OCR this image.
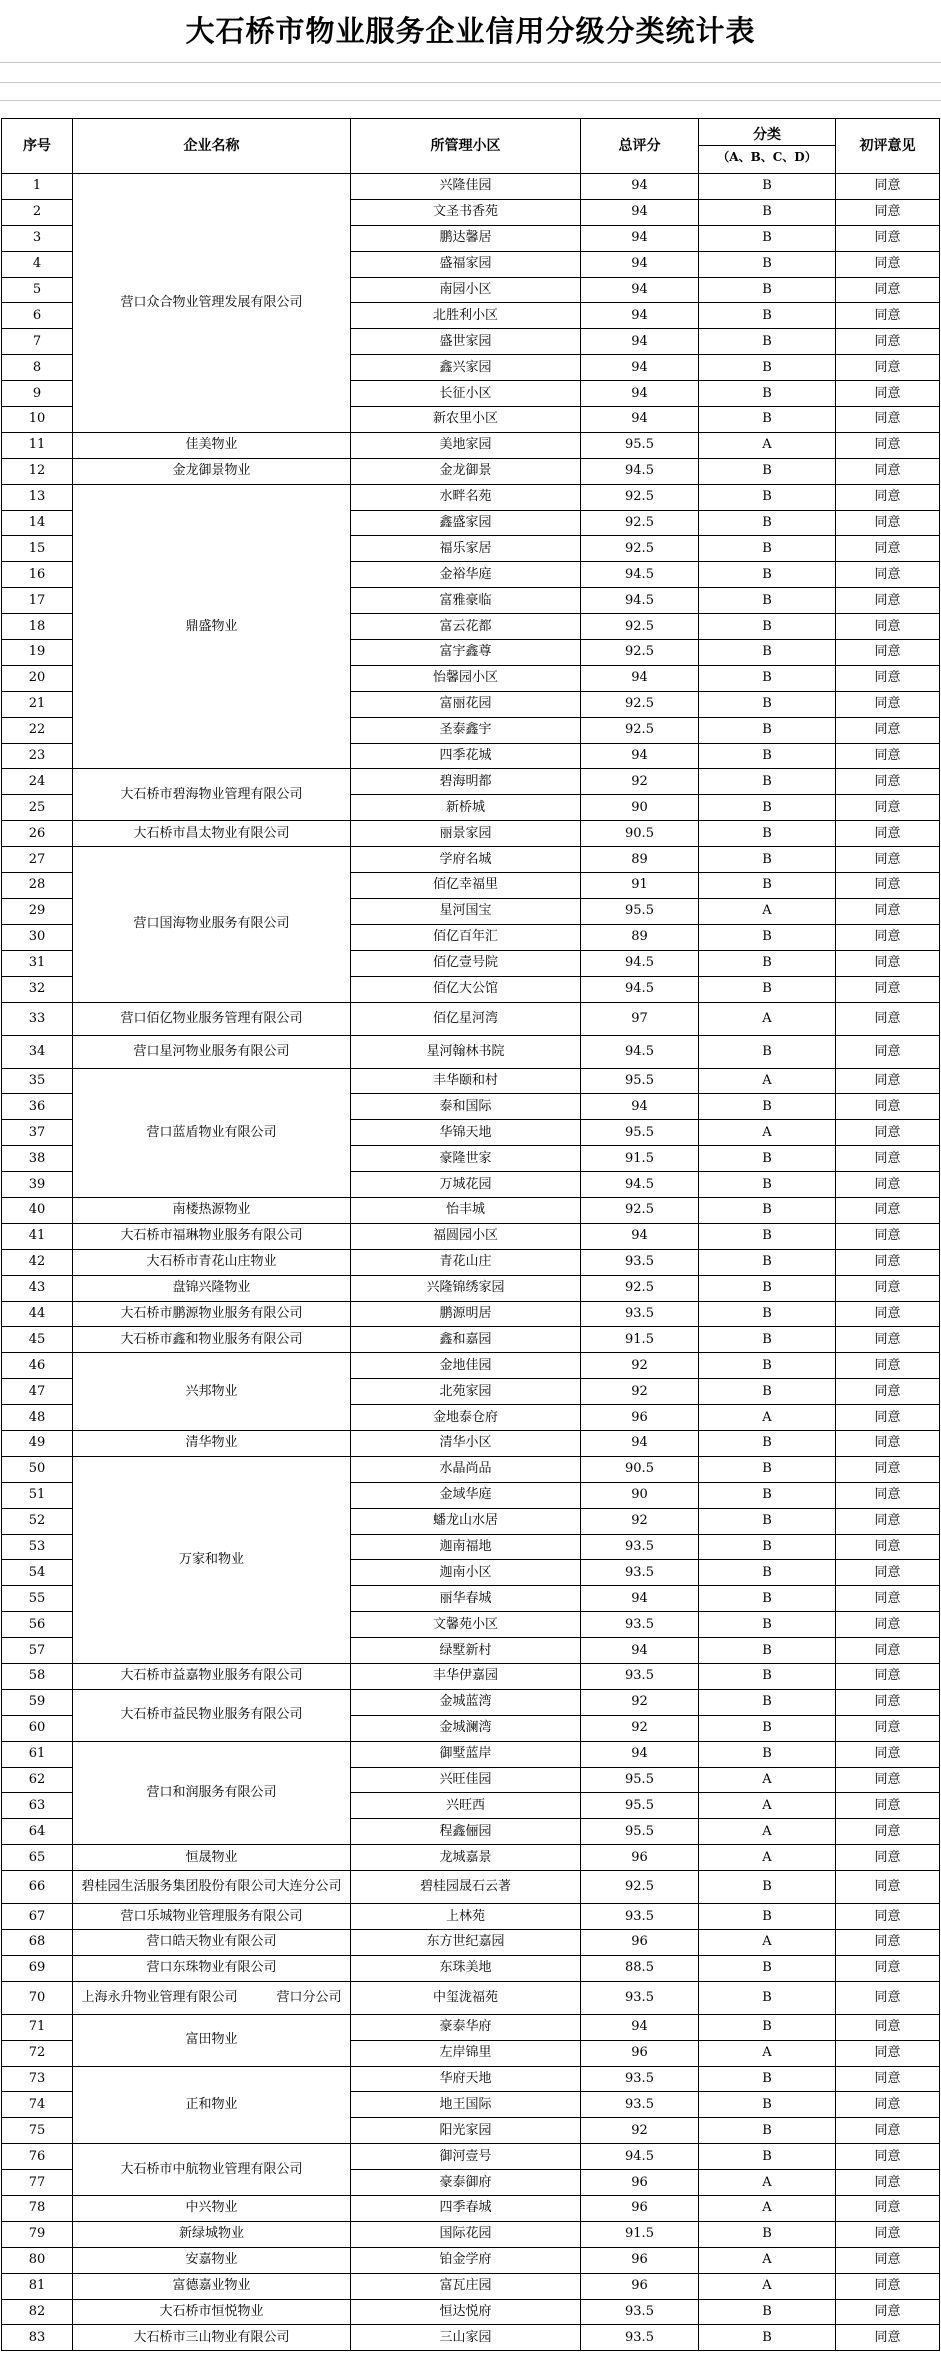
大石桥市物业服务企业信用分级分类统计表
序号	企业名称	所管理小区	总评分	分类
（A、B、C、D）	初评意见
1	营口众合物业管理发展有限公司	兴隆佳园	94	B	同意
2		文圣书香苑	94	B	同意
3		鹏达馨居	94	B	同意
4		盛福家园	94	B	同意
5		南园小区	94	B	同意
6		北胜利小区	94	B	同意
7		盛世家园	94	B	同意
8		鑫兴家园	94	B	同意
9		长征小区	94	B	同意
10		新农里小区	94	B	同意
11	佳美物业	美地家园	95.5	A	同意
12	金龙御景物业	金龙御景	94.5	B	同意
13	鼎盛物业	水畔名苑	92.5	B	同意
14		鑫盛家园	92.5	B	同意
15		福乐家居	92.5	B	同意
16		金裕华庭	94.5	B	同意
17		富雅豪临	94.5	B	同意
18		富云花都	92.5	B	同意
19		富宇鑫尊	92.5	B	同意
20		怡馨园小区	94	B	同意
21		富丽花园	92.5	B	同意
22		圣泰鑫宇	92.5	B	同意
23		四季花城	94	B	同意
24	大石桥市碧海物业管理有限公司	碧海明都	92	B	同意
25		新桥城	90	B	同意
26	大石桥市昌太物业有限公司	丽景家园	90.5	B	同意
27	营口国海物业服务有限公司	学府名城	89	B	同意
28		佰亿幸福里	91	B	同意
29		星河国宝	95.5	A	同意
30		佰亿百年汇	89	B	同意
31		佰亿壹号院	94.5	B	同意
32		佰亿大公馆	94.5	B	同意
33	营口佰亿物业服务管理有限公司	佰亿星河湾	97	A	同意
34	营口星河物业服务有限公司	星河翰林书院	94.5	B	同意
35	营口蓝盾物业有限公司	丰华颐和村	95.5	A	同意
36		泰和国际	94	B	同意
37		华锦天地	95.5	A	同意
38		豪隆世家	91.5	B	同意
39		万城花园	94.5	B	同意
40	南楼热源物业	怡丰城	92.5	B	同意
41	大石桥市福琳物业服务有限公司	福圆园小区	94	B	同意
42	大石桥市青花山庄物业	青花山庄	93.5	B	同意
43	盘锦兴隆物业	兴隆锦绣家园	92.5	B	同意
44	大石桥市鹏源物业服务有限公司	鹏源明居	93.5	B	同意
45	大石桥市鑫和物业服务有限公司	鑫和嘉园	91.5	B	同意
46	兴邦物业	金地佳园	92	B	同意
47		北苑家园	92	B	同意
48		金地泰仓府	96	A	同意
49	清华物业	清华小区	94	B	同意
50	万家和物业	水晶尚品	90.5	B	同意
51		金域华庭	90	B	同意
52		蟠龙山水居	92	B	同意
53		迦南福地	93.5	B	同意
54		迦南小区	93.5	B	同意
55		丽华春城	94	B	同意
56		文馨苑小区	93.5	B	同意
57		绿墅新村	94	B	同意
58	大石桥市益嘉物业服务有限公司	丰华伊嘉园	93.5	B	同意
59	大石桥市益民物业服务有限公司	金城蓝湾	92	B	同意
60		金城澜湾	92	B	同意
61	营口和润服务有限公司	御墅蓝岸	94	B	同意
62		兴旺佳园	95.5	A	同意
63		兴旺西	95.5	A	同意
64		程鑫俪园	95.5	A	同意
65	恒晟物业	龙城嘉景	96	A	同意
66	碧桂园生活服务集团股份有限公司大连分公司	碧桂园晟石云著	92.5	B	同意
67	营口乐城物业管理服务有限公司	上林苑	93.5	B	同意
68	营口皓天物业有限公司	东方世纪嘉园	96	A	同意
69	营口东珠物业有限公司	东珠美地	88.5	B	同意
70	上海永升物业管理有限公司　　　营口分公司	中玺泷福苑	93.5	B	同意
71	富田物业	豪泰华府	94	B	同意
72		左岸锦里	96	A	同意
73	正和物业	华府天地	93.5	B	同意
74		地王国际	93.5	B	同意
75		阳光家园	92	B	同意
76	大石桥市中航物业管理有限公司	御河壹号	94.5	B	同意
77		豪泰御府	96	A	同意
78	中兴物业	四季春城	96	A	同意
79	新绿城物业	国际花园	91.5	B	同意
80	安嘉物业	铂金学府	96	A	同意
81	富德嘉业物业	富瓦庄园	96	A	同意
82	大石桥市恒悦物业	恒达悦府	93.5	B	同意
83	大石桥市三山物业有限公司	三山家园	93.5	B	同意
